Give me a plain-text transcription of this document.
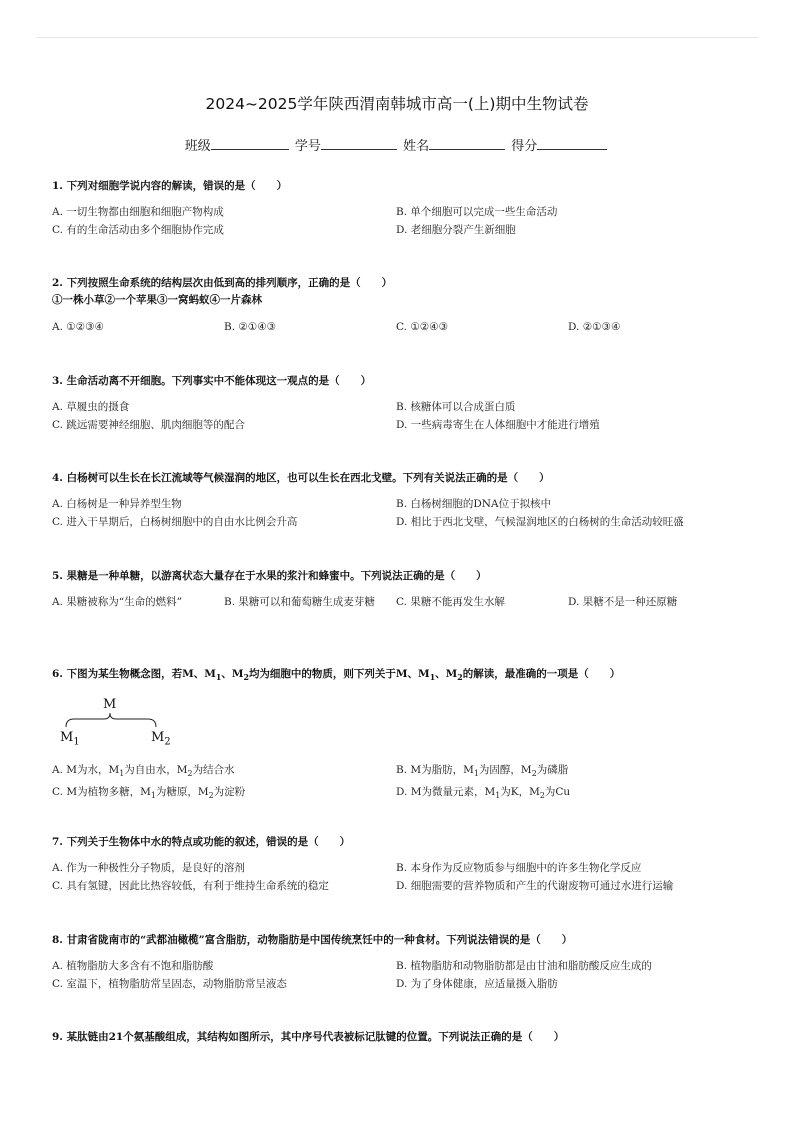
2024~2025学年陕西渭南韩城市高一(上)期中生物试卷
班级	学号	姓名	得分

1. 下列对细胞学说内容的解读，错误的是（　　）

A. 一切生物都由细胞和细胞产物构成	B. 单个细胞可以完成一些生命活动
C. 有的生命活动由多个细胞协作完成	D. 老细胞分裂产生新细胞

2. 下列按照生命系统的结构层次由低到高的排列顺序，正确的是（　　）

①一株小草②一个苹果③一窝蚂蚁④一片森林
A. ①②③④	B. ②①④③	C. ①②④③	D. ②①③④

3. 生命活动离不开细胞。下列事实中不能体现这一观点的是（　　）

A. 草履虫的摄食	B. 核糖体可以合成蛋白质
C. 跳远需要神经细胞、肌肉细胞等的配合	D. 一些病毒寄生在人体细胞中才能进行增殖

4. 白杨树可以生长在长江流域等气候湿润的地区，也可以生长在西北戈壁。下列有关说法正确的是（　　）

A. 白杨树是一种异养型生物	B. 白杨树细胞的DNA位于拟核中
C. 进入干旱期后，白杨树细胞中的自由水比例会升高	D. 相比于西北戈壁，气候湿润地区的白杨树的生命活动较旺盛

5. 果糖是一种单糖，以游离状态大量存在于水果的浆汁和蜂蜜中。下列说法正确的是（　　）

A. 果糖被称为“生命的燃料”	B. 果糖可以和葡萄糖生成麦芽糖	C. 果糖不能再发生水解	D. 果糖不是一种还原糖

6. 下图为某生物概念图，若M、$M_1$、$M_2$均为细胞中的物质，则下列关于M、$M_1$、$M_2$的解读，最准确的一项是（　　）

M
$M_1$	$M_2$
A. M为水，$M_1$为自由水，$M_2$为结合水	B. M为脂肪，$M_1$为固醇，$M_2$为磷脂
C. M为植物多糖，$M_1$为糖原，$M_2$为淀粉	D. M为微量元素，$M_1$为K，$M_2$为Cu

7. 下列关于生物体中水的特点或功能的叙述，错误的是（　　）

A. 作为一种极性分子物质，是良好的溶剂	B. 本身作为反应物质参与细胞中的许多生物化学反应
C. 具有氢键，因此比热容较低，有利于维持生命系统的稳定	D. 细胞需要的营养物质和产生的代谢废物可通过水进行运输

8. 甘肃省陇南市的“武都油橄榄”富含脂肪，动物脂肪是中国传统烹饪中的一种食材。下列说法错误的是（　　）

A. 植物脂肪大多含有不饱和脂肪酸	B. 植物脂肪和动物脂肪都是由甘油和脂肪酸反应生成的
C. 室温下，植物脂肪常呈固态，动物脂肪常呈液态	D. 为了身体健康，应适量摄入脂肪

9. 某肽链由21个氨基酸组成，其结构如图所示，其中序号代表被标记肽键的位置。下列说法正确的是（　　）
